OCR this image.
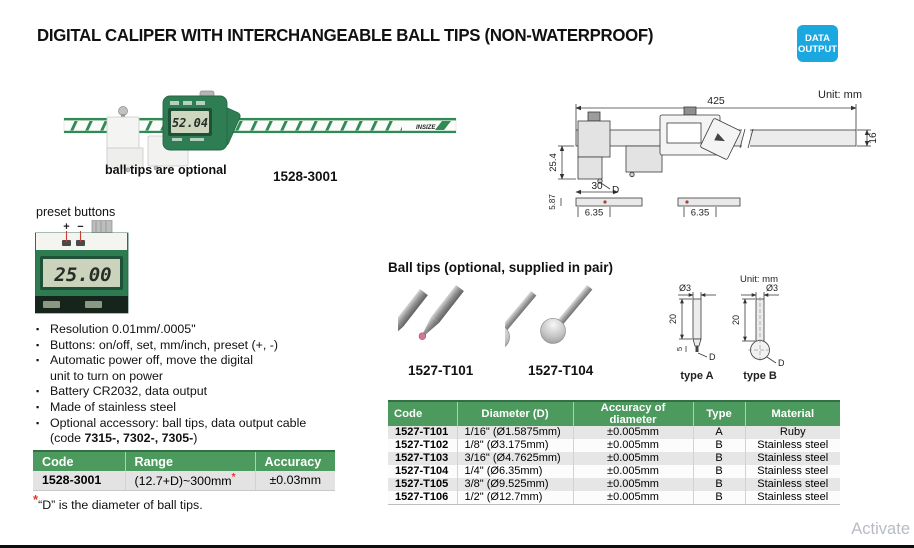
DIGITAL CALIPER WITH INTERCHANGEABLE BALL TIPS (NON-WATERPROOF)	DATA
OUTPUT
INSIZE
52.04
ball tips are optional	1528-3001
Unit: mm
425
16
25.4
D
30
5.87
6.35	6.35
preset buttons
+ −
25.00
▪ Resolution 0.01mm/.0005"
▪ Buttons: on/off, set, mm/inch, preset (+, -)
▪ Automatic power off, move the digital
unit to turn on power
▪ Battery CR2032, data output
▪ Made of stainless steel
▪ Optional accessory: ball tips, data output cable
(code 7315-, 7302-, 7305-)
Code	Range	Accuracy
1528-3001	(12.7+D)~300mm*	±0.03mm
*“D” is the diameter of ball tips.
Ball tips (optional, supplied in pair)
1527-T101	1527-T104
Unit: mm
Ø3
20
5
D
type A
Ø3
20
D
type B
Code	Diameter (D)	Accuracy of diameter	Type	Material
1527-T101	1/16" (Ø1.5875mm)	±0.005mm	A	Ruby
1527-T102	1/8" (Ø3.175mm)	±0.005mm	B	Stainless steel
1527-T103	3/16" (Ø4.7625mm)	±0.005mm	B	Stainless steel
1527-T104	1/4" (Ø6.35mm)	±0.005mm	B	Stainless steel
1527-T105	3/8" (Ø9.525mm)	±0.005mm	B	Stainless steel
1527-T106	1/2" (Ø12.7mm)	±0.005mm	B	Stainless steel
Activate
